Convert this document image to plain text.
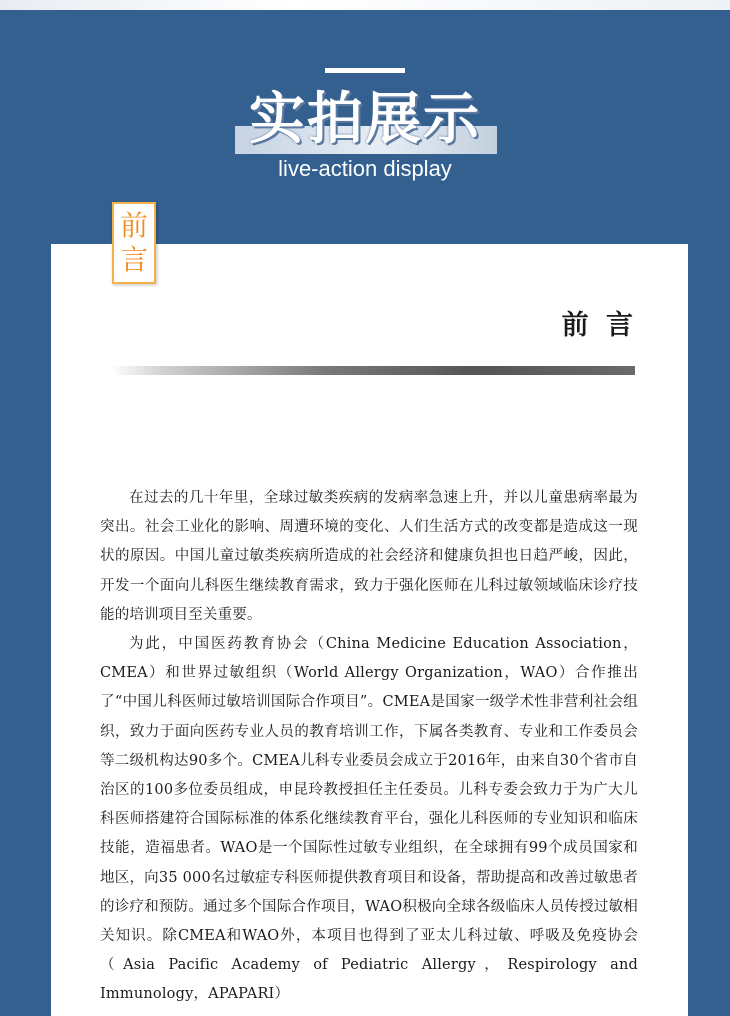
实拍展示
live-action display
前
言
前 言

在过去的几十年里，全球过敏类疾病的发病率急速上升，并以儿童患病率最为突出。社会工业化的影响、周遭环境的变化、人们生活方式的改变都是造成这一现状的原因。中国儿童过敏类疾病所造成的社会经济和健康负担也日趋严峻，因此，开发一个面向儿科医生继续教育需求，致力于强化医师在儿科过敏领域临床诊疗技能的培训项目至关重要。

为此，中国医药教育协会（China Medicine Education Association，CMEA）和世界过敏组织（World Allergy Organization，WAO）合作推出了“中国儿科医师过敏培训国际合作项目”。CMEA是国家一级学术性非营利社会组织，致力于面向医药专业人员的教育培训工作，下属各类教育、专业和工作委员会等二级机构达90多个。CMEA儿科专业委员会成立于2016年，由来自30个省市自治区的100多位委员组成，申昆玲教授担任主任委员。儿科专委会致力于为广大儿科医师搭建符合国际标准的体系化继续教育平台，强化儿科医师的专业知识和临床技能，造福患者。WAO是一个国际性过敏专业组织，在全球拥有99个成员国家和地区，向35 000名过敏症专科医师提供教育项目和设备，帮助提高和改善过敏患者的诊疗和预防。通过多个国际合作项目，WAO积极向全球各级临床人员传授过敏相关知识。除CMEA和WAO外，本项目也得到了亚太儿科过敏、呼吸及免疫协会（Asia Pacific Academy of Pediatric Allergy，Respirology and Immunology，APAPARI）
